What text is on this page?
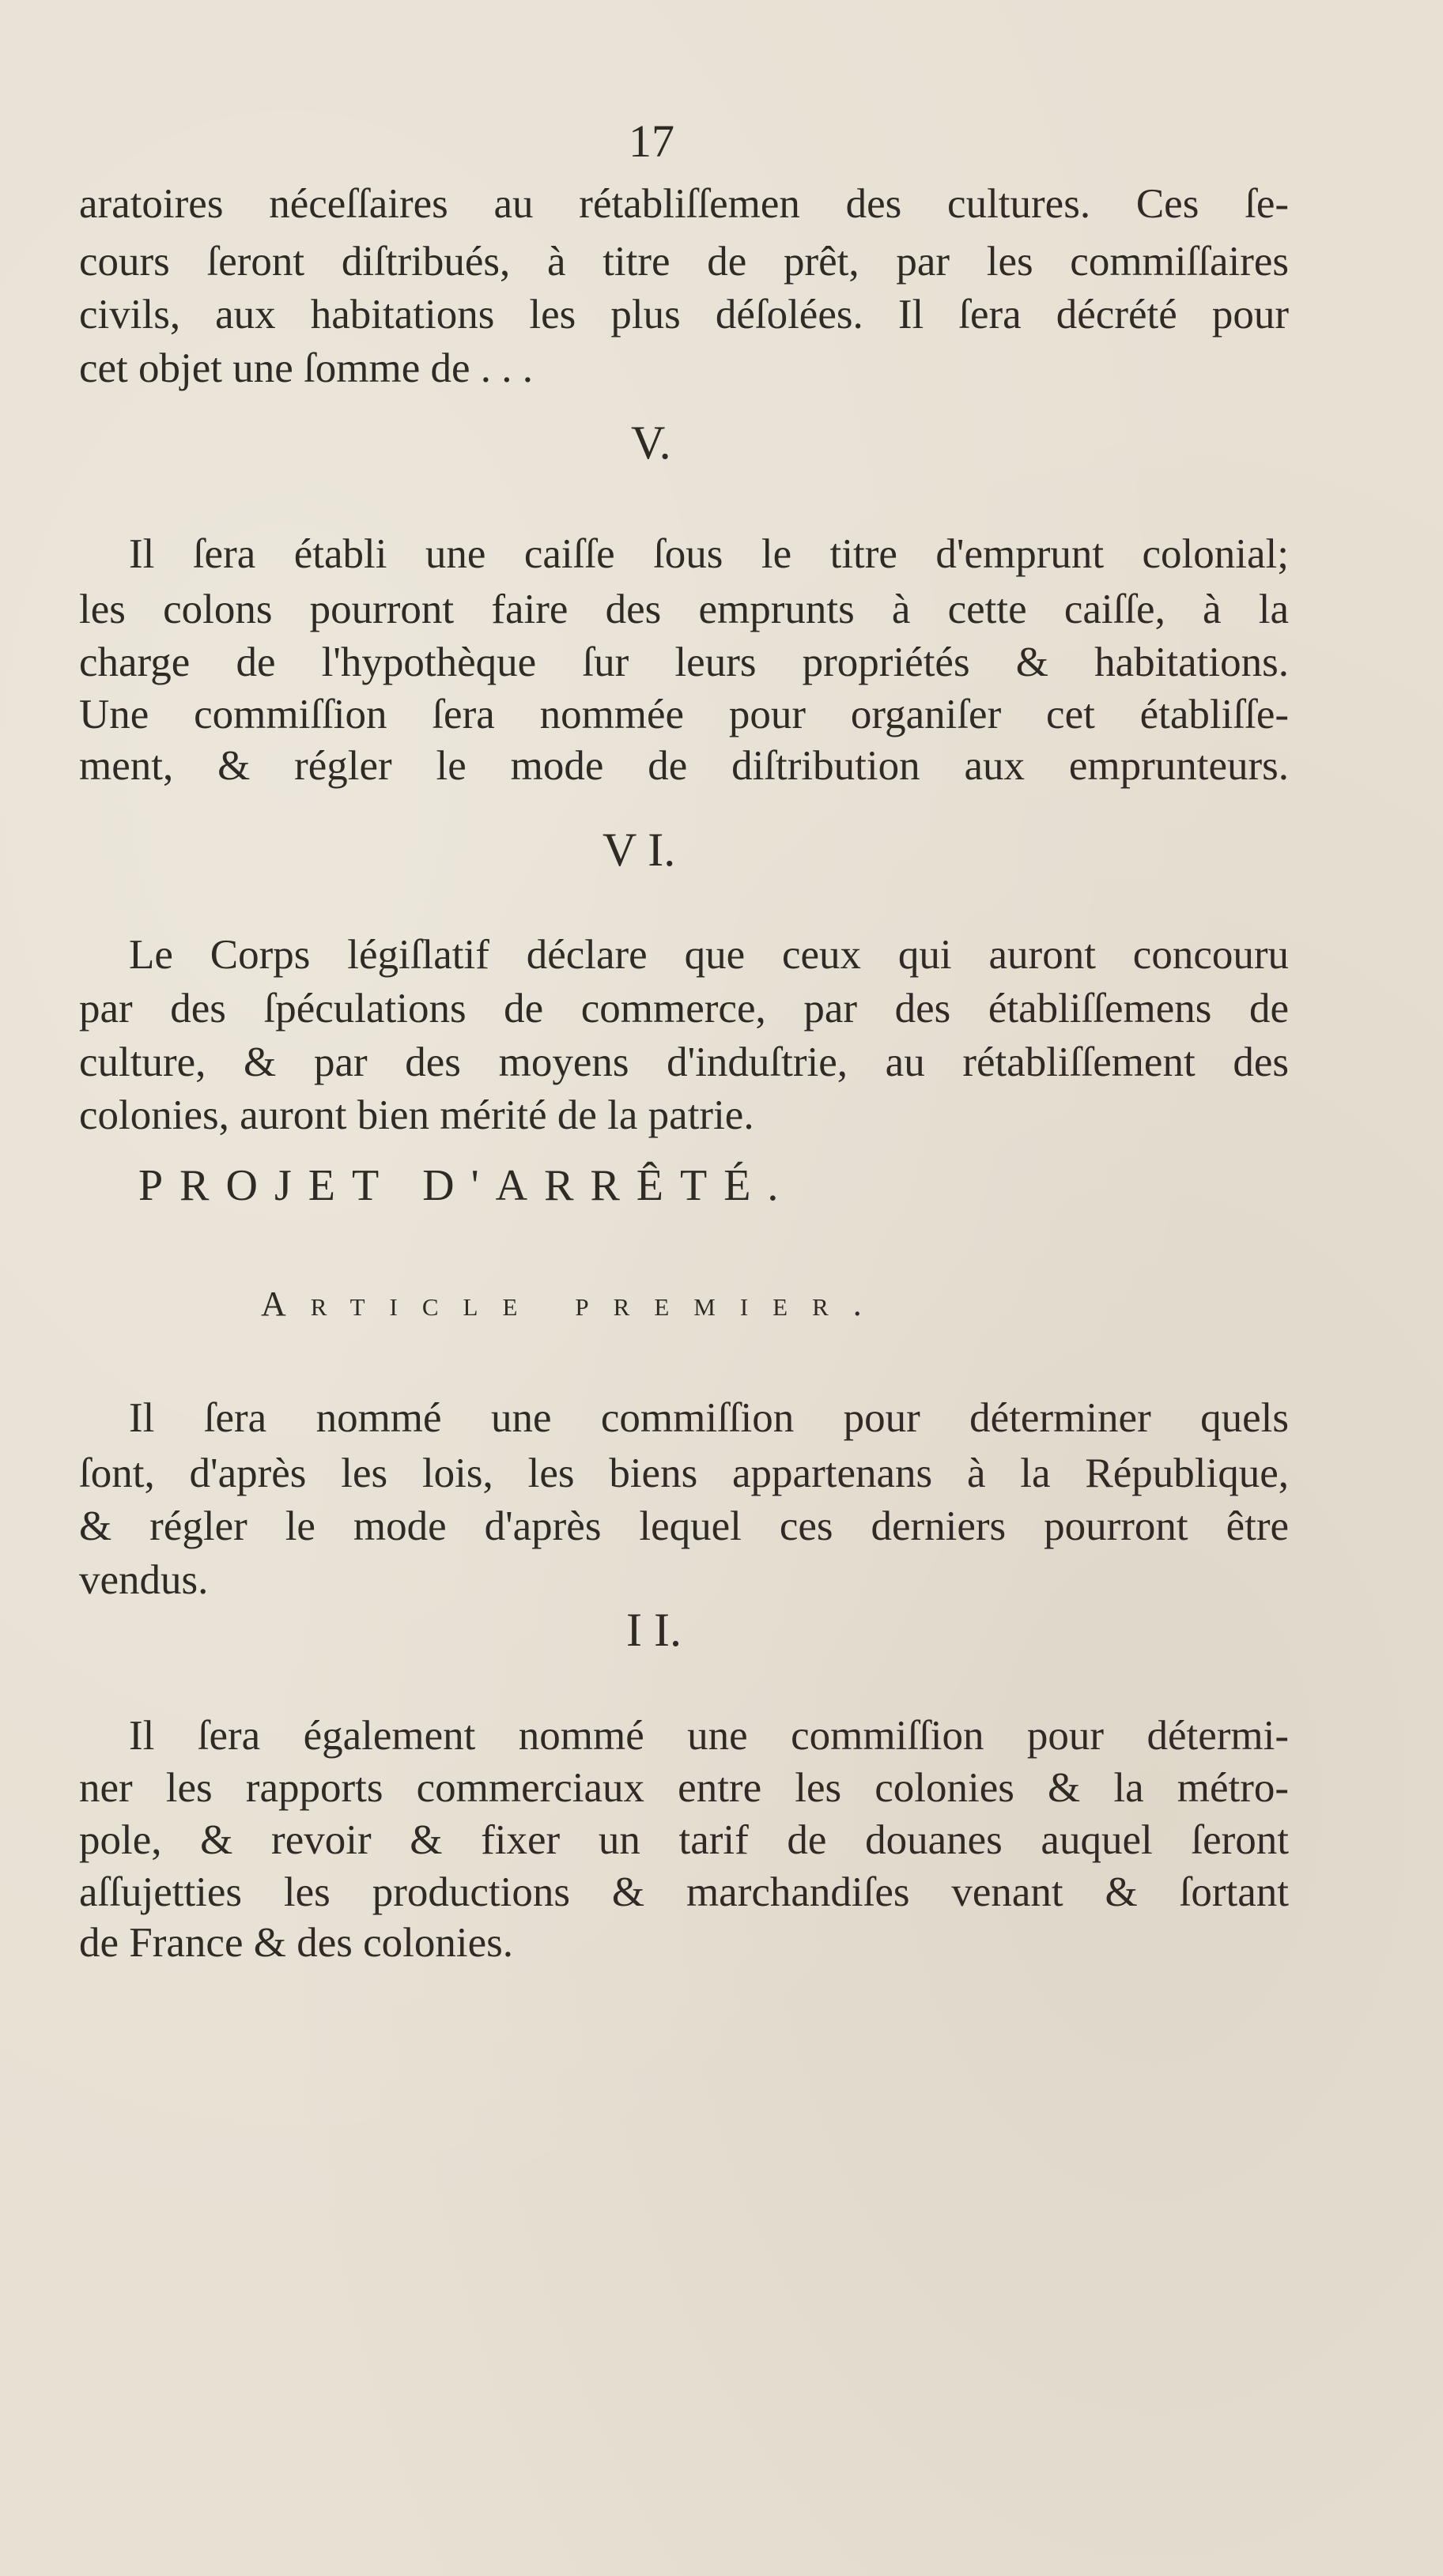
17
aratoires néceſſaires au rétabliſſemen des cultures. Ces ſe-
cours ſeront diſtribués, à titre de prêt, par les commiſſaires
civils, aux habitations les plus déſolées. Il ſera décrété pour
cet objet une ſomme de . . .
V.
Il ſera établi une caiſſe ſous le titre d'emprunt colonial;
les colons pourront faire des emprunts à cette caiſſe, à la
charge de l'hypothèque ſur leurs propriétés & habitations.
Une commiſſion ſera nommée pour organiſer cet établiſſe-
ment, & régler le mode de diſtribution aux emprunteurs.
V I.
Le Corps légiſlatif déclare que ceux qui auront concouru
par des ſpéculations de commerce, par des établiſſemens de
culture, & par des moyens d'induſtrie, au rétabliſſement des
colonies, auront bien mérité de la patrie.
PROJET D'ARRÊTÉ.
Article premier.
Il ſera nommé une commiſſion pour déterminer quels
ſont, d'après les lois, les biens appartenans à la République,
& régler le mode d'après lequel ces derniers pourront être
vendus.
I I.
Il ſera également nommé une commiſſion pour détermi-
ner les rapports commerciaux entre les colonies & la métro-
pole, & revoir & fixer un tarif de douanes auquel ſeront
aſſujetties les productions & marchandiſes venant & ſortant
de France & des colonies.
